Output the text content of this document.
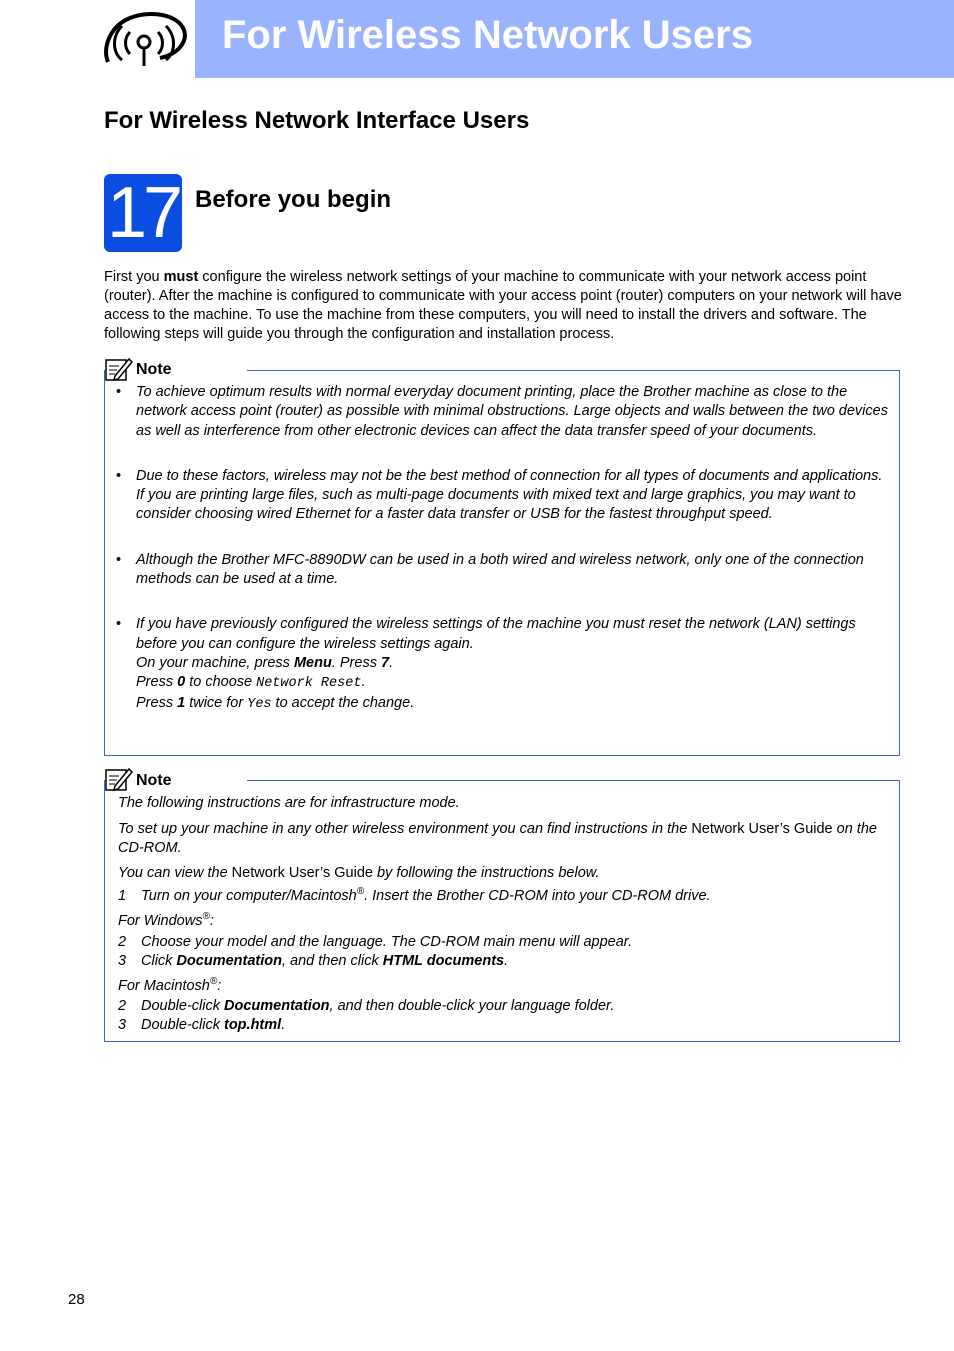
For Wireless Network Users
For Wireless Network Interface Users
17 Before you begin

First you must configure the wireless network settings of your machine to communicate with your network access point (router). After the machine is configured to communicate with your access point (router) computers on your network will have access to the machine. To use the machine from these computers, you will need to install the drivers and software. The following steps will guide you through the configuration and installation process.

Note
• To achieve optimum results with normal everyday document printing, place the Brother machine as close to the network access point (router) as possible with minimal obstructions. Large objects and walls between the two devices as well as interference from other electronic devices can affect the data transfer speed of your documents.
• Due to these factors, wireless may not be the best method of connection for all types of documents and applications. If you are printing large files, such as multi-page documents with mixed text and large graphics, you may want to consider choosing wired Ethernet for a faster data transfer or USB for the fastest throughput speed.
• Although the Brother MFC-8890DW can be used in a both wired and wireless network, only one of the connection methods can be used at a time.
• If you have previously configured the wireless settings of the machine you must reset the network (LAN) settings before you can configure the wireless settings again.
On your machine, press Menu. Press 7.
Press 0 to choose Network Reset.
Press 1 twice for Yes to accept the change.
Note

The following instructions are for infrastructure mode.

To set up your machine in any other wireless environment you can find instructions in the Network User’s Guide on the CD-ROM.

You can view the Network User’s Guide by following the instructions below.

1 Turn on your computer/Macintosh®. Insert the Brother CD-ROM into your CD-ROM drive.

For Windows®:

2 Choose your model and the language. The CD-ROM main menu will appear.

3 Click Documentation, and then click HTML documents.

For Macintosh®:

2 Double-click Documentation, and then double-click your language folder.

3 Double-click top.html.

28
